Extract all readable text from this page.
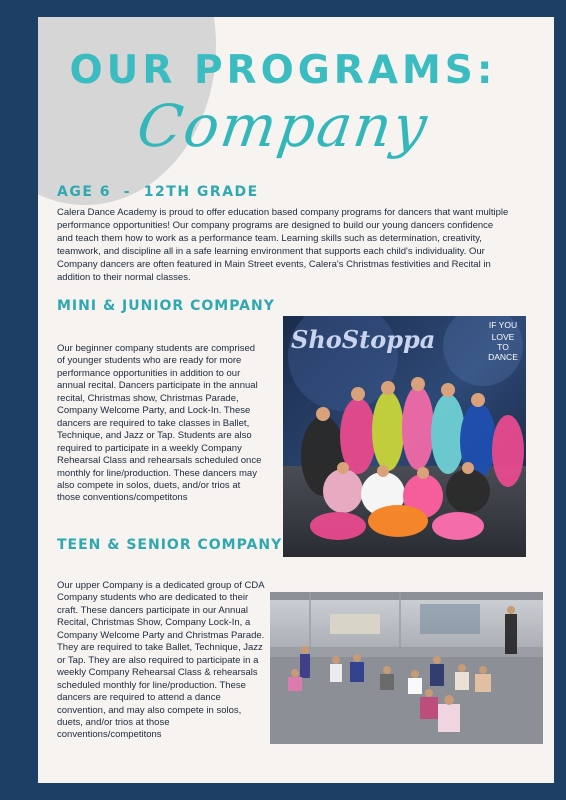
OUR PROGRAMS:
Company
AGE 6  -  12TH GRADE

Calera Dance Academy is proud to offer education based company programs for dancers that want multiple performance opportunities! Our company programs are designed to build our young dancers confidence and teach them how to work as a performance team. Learning skills such as determination, creativity, teamwork, and discipline all in a safe learning environment that supports each child's individuality. Our Company dancers are often featured in Main Street events, Calera's Christmas festivities and Recital in addition to their normal classes.

MINI & JUNIOR COMPANY

Our beginner company students are comprised of younger students who are ready for more performance opportunities in addition to our annual recital. Dancers participate in the annual recital, Christmas show, Christmas Parade, Company Welcome Party, and Lock-In. These dancers are required to take classes in Ballet, Technique, and Jazz or Tap. Students are also required to participate in a weekly Company Rehearsal Class and rehearsals scheduled once monthly for line/production. These dancers may also compete in solos, duets, and/or trios at those conventions/competitons

TEEN & SENIOR COMPANY

Our upper Company is a dedicated group of CDA Company students who are dedicated to their craft. These dancers participate in our Annual Recital, Christmas Show, Company Lock-In, a Company Welcome Party and Christmas Parade. They are required to take Ballet, Technique, Jazz or Tap. They are also required to participate in a weekly Company Rehearsal Class & rehearsals scheduled monthly for line/production. These dancers are required to attend a dance convention, and may also compete in solos, duets, and/or trios at those conventions/competitons

ShoStoppa	IF YOU
LOVE
TO
DANCE
